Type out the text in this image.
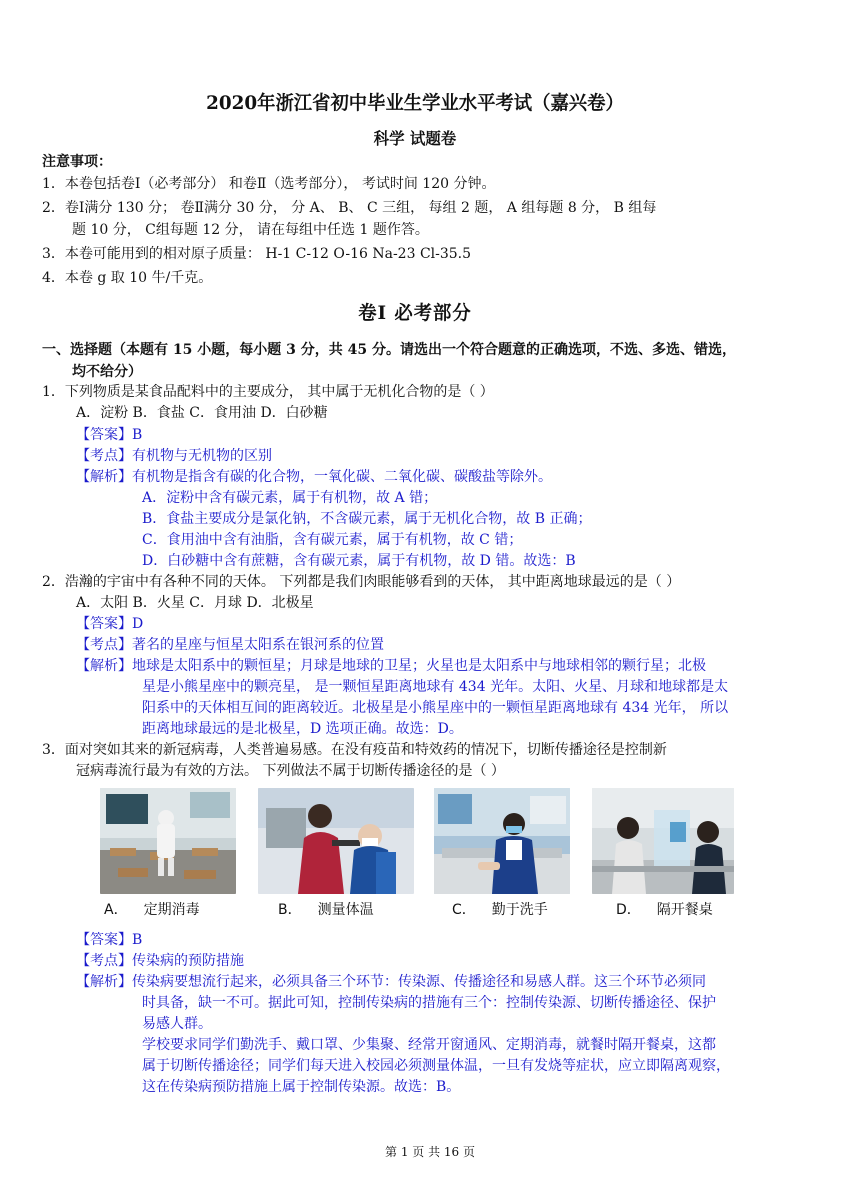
2020年浙江省初中毕业生学业水平考试（嘉兴卷）
科学 试题卷
注意事项：
1．本卷包括卷Ⅰ（必考部分） 和卷Ⅱ（选考部分）， 考试时间 120 分钟。
2．卷Ⅰ满分 130 分； 卷Ⅱ满分 30 分， 分 A、 B、 C 三组， 每组 2 题， A 组每题 8 分， B 组每
题 10 分， C组每题 12 分， 请在每组中任选 1 题作答。
3．本卷可能用到的相对原子质量： H-1 C-12 O-16 Na-23 Cl-35.5
4．本卷 g 取 10 牛/千克。
卷Ⅰ 必考部分
一、选择题（本题有 15 小题，每小题 3 分，共 45 分。请选出一个符合题意的正确选项，不选、多选、错选，
均不给分）
1．下列物质是某食品配料中的主要成分， 其中属于无机化合物的是（ ）
A．淀粉 B．食盐 C．食用油 D．白砂糖
【答案】B
【考点】有机物与无机物的区别
【解析】有机物是指含有碳的化合物，一氧化碳、二氧化碳、碳酸盐等除外。
A．淀粉中含有碳元素，属于有机物，故 A 错；
B．食盐主要成分是氯化钠，不含碳元素，属于无机化合物，故 B 正确；
C．食用油中含有油脂，含有碳元素，属于有机物，故 C 错；
D．白砂糖中含有蔗糖，含有碳元素，属于有机物，故 D 错。故选：B
2．浩瀚的宇宙中有各种不同的天体。 下列都是我们肉眼能够看到的天体， 其中距离地球最远的是（ ）
A．太阳 B．火星 C．月球 D．北极星
【答案】D
【考点】著名的星座与恒星太阳系在银河系的位置
【解析】地球是太阳系中的颗恒星；月球是地球的卫星；火星也是太阳系中与地球相邻的颗行星；北极
星是小熊星座中的颗亮星， 是一颗恒星距离地球有 434 光年。太阳、火星、月球和地球都是太
阳系中的天体相互间的距离较近。北极星是小熊星座中的一颗恒星距离地球有 434 光年， 所以
距离地球最远的是北极星，D 选项正确。故选：D。
3．面对突如其来的新冠病毒，人类普遍易感。在没有疫苗和特效药的情况下，切断传播途径是控制新
冠病毒流行最为有效的方法。 下列做法不属于切断传播途径的是（ ）
A． 定期消毒	B． 测量体温	C． 勤于洗手	D． 隔开餐桌
【答案】B
【考点】传染病的预防措施
【解析】传染病要想流行起来，必须具备三个环节：传染源、传播途径和易感人群。这三个环节必须同
时具备，缺一不可。据此可知，控制传染病的措施有三个：控制传染源、切断传播途径、保护
易感人群。
学校要求同学们勤洗手、戴口罩、少集聚、经常开窗通风、定期消毒，就餐时隔开餐桌，这都
属于切断传播途径；同学们每天进入校园必须测量体温，一旦有发烧等症状，应立即隔离观察，
这在传染病预防措施上属于控制传染源。故选：B。
第 1 页 共 16 页
